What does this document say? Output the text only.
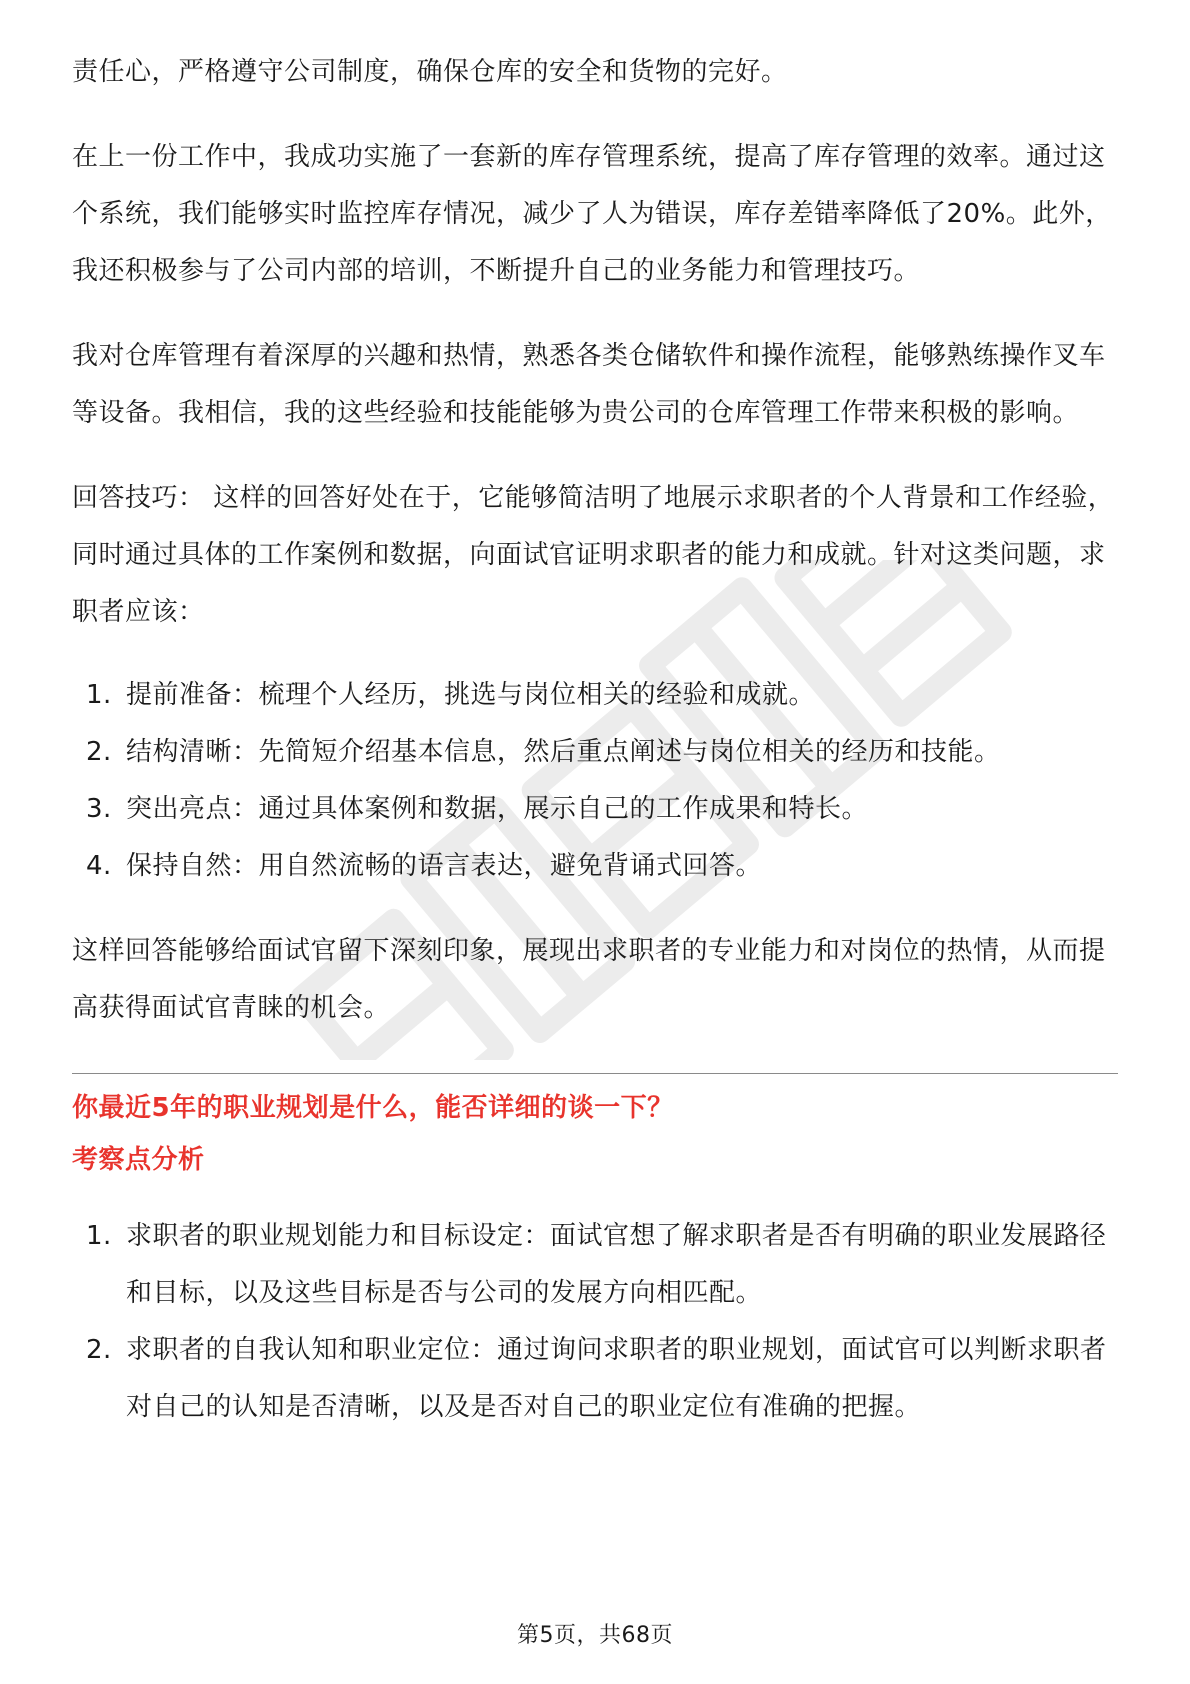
责任心，严格遵守公司制度，确保仓库的安全和货物的完好。

在上一份工作中，我成功实施了一套新的库存管理系统，提高了库存管理的效率。通过这个系统，我们能够实时监控库存情况，减少了人为错误，库存差错率降低了20%。此外，我还积极参与了公司内部的培训，不断提升自己的业务能力和管理技巧。

我对仓库管理有着深厚的兴趣和热情，熟悉各类仓储软件和操作流程，能够熟练操作叉车等设备。我相信，我的这些经验和技能能够为贵公司的仓库管理工作带来积极的影响。

回答技巧： 这样的回答好处在于，它能够简洁明了地展示求职者的个人背景和工作经验，同时通过具体的工作案例和数据，向面试官证明求职者的能力和成就。针对这类问题，求职者应该：

1. 提前准备：梳理个人经历，挑选与岗位相关的经验和成就。
2. 结构清晰：先简短介绍基本信息，然后重点阐述与岗位相关的经历和技能。
3. 突出亮点：通过具体案例和数据，展示自己的工作成果和特长。
4. 保持自然：用自然流畅的语言表达，避免背诵式回答。

这样回答能够给面试官留下深刻印象，展现出求职者的专业能力和对岗位的热情，从而提高获得面试官青睐的机会。

你最近5年的职业规划是什么，能否详细的谈一下？

考察点分析

1. 求职者的职业规划能力和目标设定：面试官想了解求职者是否有明确的职业发展路径和目标，以及这些目标是否与公司的发展方向相匹配。
2. 求职者的自我认知和职业定位：通过询问求职者的职业规划，面试官可以判断求职者对自己的认知是否清晰，以及是否对自己的职业定位有准确的把握。
第5页，共68页
